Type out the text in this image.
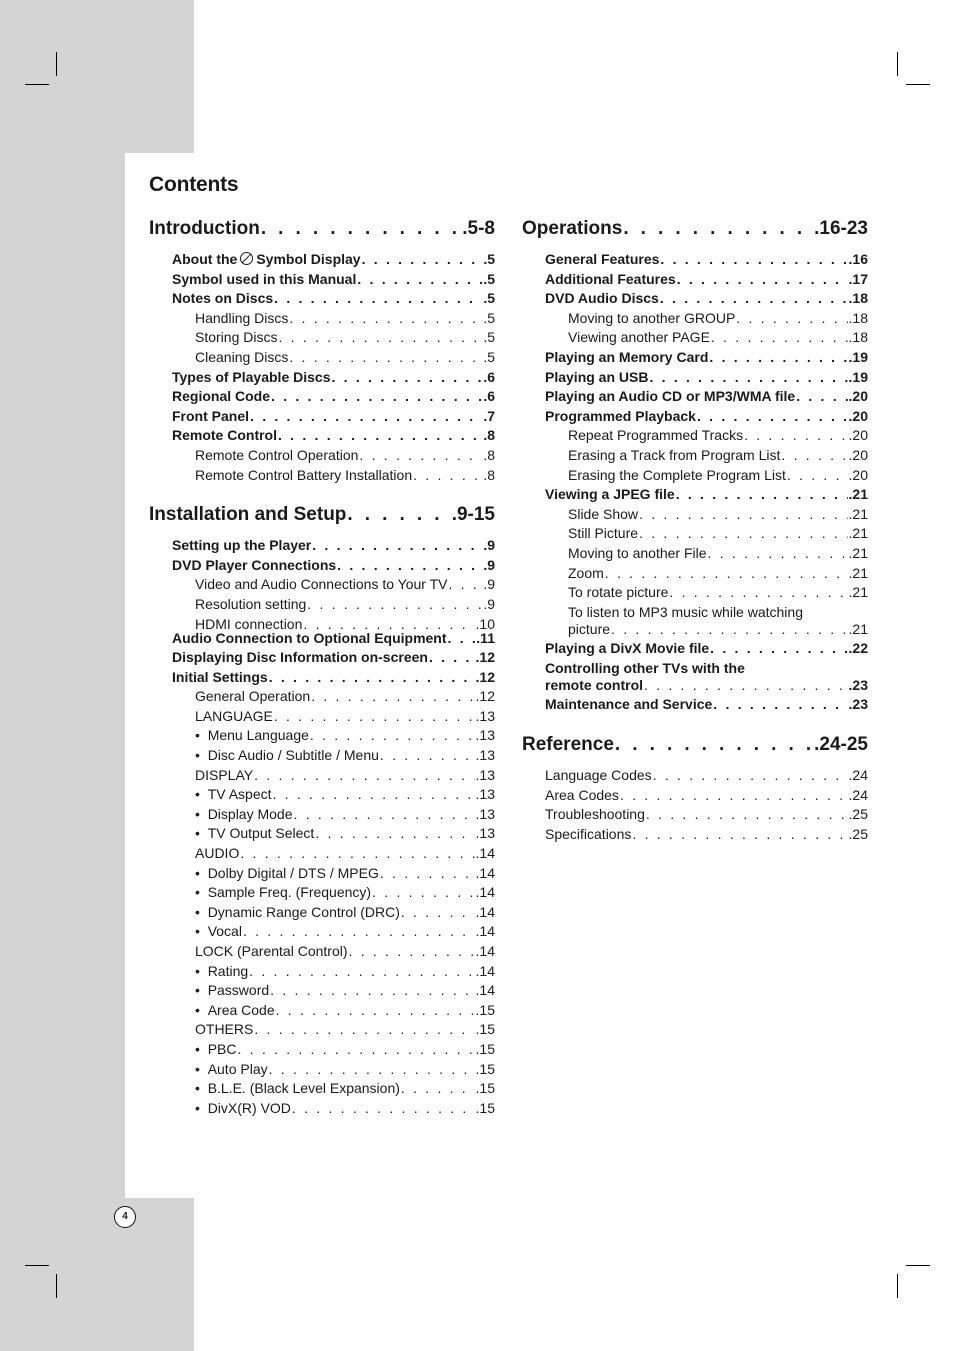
Contents
Introduction . . .	.5-8
About the Symbol Display . . .	.5
Symbol used in this Manual . . .	.5
Notes on Discs . . .	.5
Handling Discs . . .	.5
Storing Discs . . .	.5
Cleaning Discs . . .	.5
Types of Playable Discs . . .	.6
Regional Code . . .	.6
Front Panel . . .	.7
Remote Control . . .	.8
Remote Control Operation . . .	.8
Remote Control Battery Installation . . .	.8
Installation and Setup . . .	.9-15
Setting up the Player . . .	.9
DVD Player Connections . . .	.9
Video and Audio Connections to Your TV . . .	.9
Resolution setting . . .	.9
HDMI connection . . .	.10
Audio Connection to Optional Equipment . . . .11
Displaying Disc Information on-screen . . .	.12
Initial Settings . . .	.12
General Operation . . .	.12
LANGUAGE . . .	.13
•  Menu Language . . .	.13
•  Disc Audio / Subtitle / Menu . . .	.13
DISPLAY . . .	.13
•  TV Aspect . . .	.13
•  Display Mode . . .	.13
•  TV Output Select . . .	.13
AUDIO . . .	.14
•  Dolby Digital / DTS / MPEG . . .	.14
•  Sample Freq. (Frequency) . . .	.14
•  Dynamic Range Control (DRC) . . .	.14
•  Vocal . . .	.14
LOCK (Parental Control) . . .	.14
•  Rating . . .	.14
•  Password . . .	.14
•  Area Code . . .	.15
OTHERS . . .	.15
•  PBC . . .	.15
•  Auto Play . . .	.15
•  B.L.E. (Black Level Expansion) . . .	.15
•  DivX(R) VOD . . .	.15
Operations . . .	.16-23
General Features . . .	.16
Additional Features . . .	.17
DVD Audio Discs . . .	.18
Moving to another GROUP . . .	.18
Viewing another PAGE . . .	.18
Playing an Memory Card . . .	.19
Playing an USB . . .	.19
Playing an Audio CD or MP3/WMA file . . .	.20
Programmed Playback . . .	.20
Repeat Programmed Tracks . . .	.20
Erasing a Track from Program List . . .	.20
Erasing the Complete Program List . . .	.20
Viewing a JPEG file . . .	.21
Slide Show . . .	.21
Still Picture . . .	.21
Moving to another File . . .	.21
Zoom . . .	.21
To rotate picture . . .	.21
To listen to MP3 music while watching
picture . . .	.21
Playing a DivX Movie file . . .	.22
Controlling other TVs with the
remote control . . .	.23
Maintenance and Service . . .	.23
Reference . . .	.24-25
Language Codes . . .	.24
Area Codes . . .	.24
Troubleshooting . . .	.25
Specifications . . .	.25
4
